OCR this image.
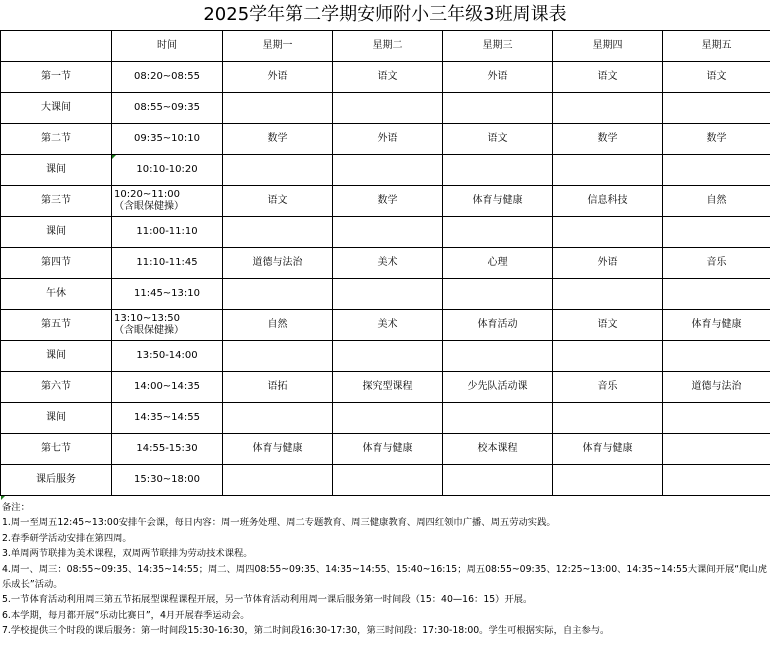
2025学年第二学期安师附小三年级3班周课表
	时间	星期一	星期二	星期三	星期四	星期五
第一节	08:20~08:55	外语	语文	外语	语文	语文
大课间	08:55~09:35					
第二节	09:35~10:10	数学	外语	语文	数学	数学
课间	10:10-10:20					
第三节	10:20~11:00　　　（含眼保健操）	语文	数学	体育与健康	信息科技	自然
课间	11:00-11:10					
第四节	11:10-11:45	道德与法治	美术	心理	外语	音乐
午休	11:45~13:10					
第五节	13:10~13:50　　　（含眼保健操）	自然	美术	体育活动	语文	体育与健康
课间	13:50-14:00					
第六节	14:00~14:35	语拓	探究型课程	少先队活动课	音乐	道德与法治
课间	14:35~14:55					
第七节	14:55-15:30	体育与健康	体育与健康	校本课程	体育与健康	
课后服务	15:30~18:00					
备注：
1.周一至周五12:45~13:00安排午会课，每日内容：周一班务处理、周二专题教育、周三健康教育、周四红领巾广播、周五劳动实践。
2.春季研学活动安排在第四周。
3.单周两节联排为美术课程，双周两节联排为劳动技术课程。
4.周一、周三：08:55~09:35、14:35~14:55；周二、周四08:55~09:35、14:35~14:55、15:40~16:15；周五08:55~09:35、12:25~13:00、14:35~14:55大课间开展“爬山虎乐成长”活动。
5.一节体育活动利用周三第五节拓展型课程课程开展，另一节体育活动利用周一课后服务第一时间段（15：40—16：15）开展。
6.本学期，每月都开展“乐动比赛日”，4月开展春季运动会。
7.学校提供三个时段的课后服务：第一时间段15:30-16:30，第二时间段16:30-17:30，第三时间段：17:30-18:00。学生可根据实际，自主参与。
